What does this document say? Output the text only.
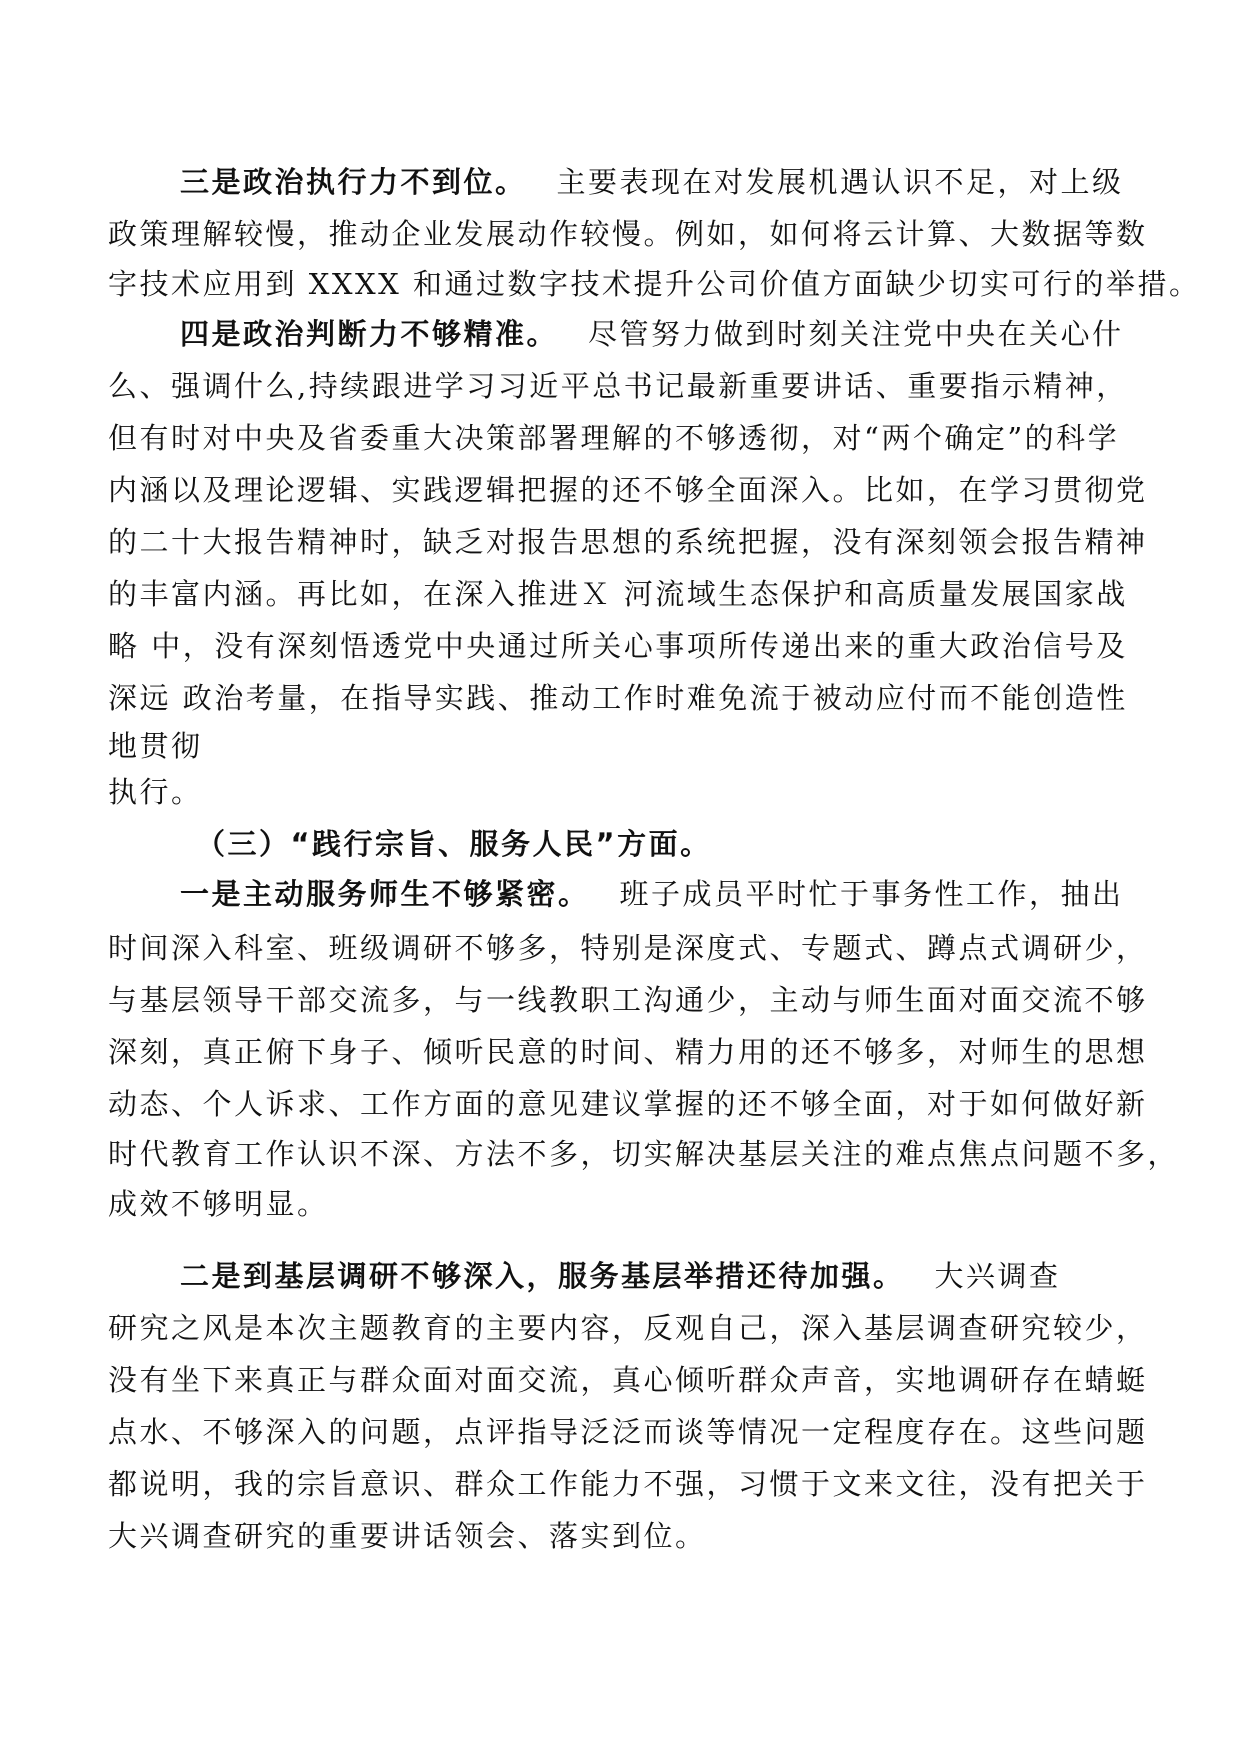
三是政治执行力不到位。 主要表现在对发展机遇认识不足，对上级
政策理解较慢，推动企业发展动作较慢。例如，如何将云计算、大数据等数
字技术应用到 XXXX 和通过数字技术提升公司价值方面缺少切实可行的举措。
四是政治判断力不够精准。 尽管努力做到时刻关注党中央在关心什
么、强调什么,持续跟进学习习近平总书记最新重要讲话、重要指示精神，
但有时对中央及省委重大决策部署理解的不够透彻，对“两个确定”的科学
内涵以及理论逻辑、实践逻辑把握的还不够全面深入。比如，在学习贯彻党
的二十大报告精神时，缺乏对报告思想的系统把握，没有深刻领会报告精神
的丰富内涵。再比如，在深入推进Ｘ 河流域生态保护和高质量发展国家战
略 中，没有深刻悟透党中央通过所关心事项所传递出来的重大政治信号及
深远 政治考量，在指导实践、推动工作时难免流于被动应付而不能创造性
地贯彻
执行。
（三）“践行宗旨、服务人民”方面。
一是主动服务师生不够紧密。 班子成员平时忙于事务性工作，抽出
时间深入科室、班级调研不够多，特别是深度式、专题式、蹲点式调研少，
与基层领导干部交流多，与一线教职工沟通少，主动与师生面对面交流不够
深刻，真正俯下身子、倾听民意的时间、精力用的还不够多，对师生的思想
动态、个人诉求、工作方面的意见建议掌握的还不够全面，对于如何做好新
时代教育工作认识不深、方法不多，切实解决基层关注的难点焦点问题不多，
成效不够明显。
二是到基层调研不够深入，服务基层举措还待加强。 大兴调查
研究之风是本次主题教育的主要内容，反观自己，深入基层调查研究较少，
没有坐下来真正与群众面对面交流，真心倾听群众声音，实地调研存在蜻蜓
点水、不够深入的问题，点评指导泛泛而谈等情况一定程度存在。这些问题
都说明，我的宗旨意识、群众工作能力不强，习惯于文来文往，没有把关于
大兴调查研究的重要讲话领会、落实到位。
